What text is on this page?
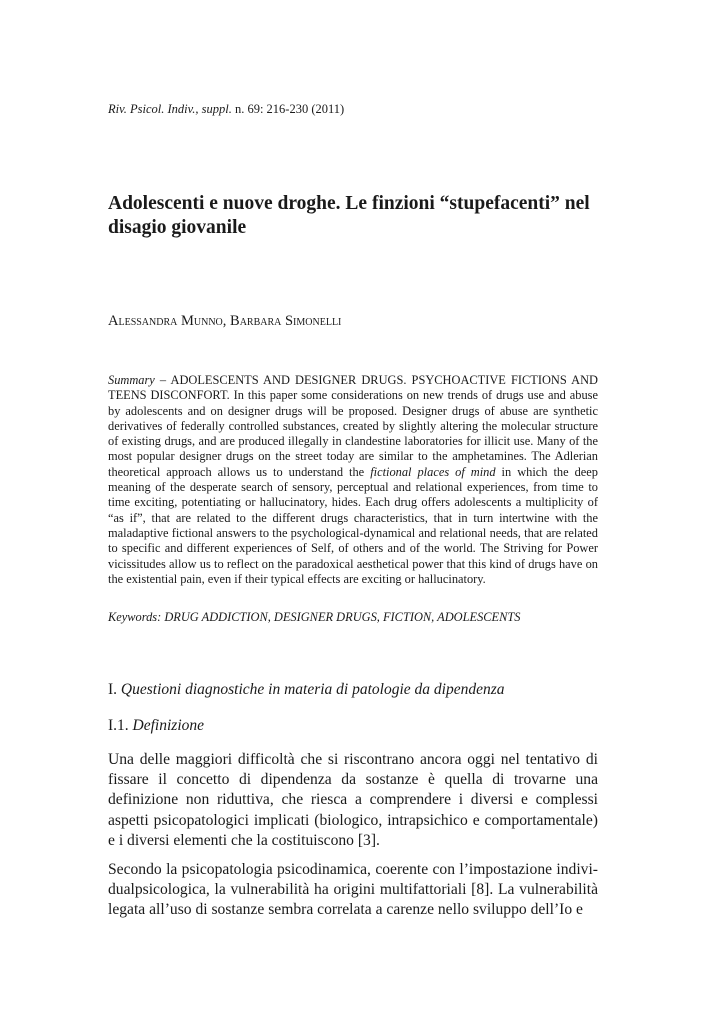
Riv. Psicol. Indiv., suppl. n. 69: 216-230 (2011)
Adolescenti e nuove droghe. Le finzioni “stupefacenti” nel disagio giovanile
Alessandra Munno, Barbara Simonelli

Summary – ADOLESCENTS AND DESIGNER DRUGS. PSYCHOACTIVE FICTIONS AND TEENS DISCONFORT. In this paper some considerations on new trends of drugs use and abuse by adolescents and on designer drugs will be proposed. Designer drugs of abuse are synthetic derivatives of federally controlled substances, created by slightly altering the molecular structure of existing drugs, and are produced illegally in clandestine laboratories for illicit use. Many of the most popular designer drugs on the street today are similar to the amphetamines. The Adlerian theoretical approach allows us to understand the fictional places of mind in which the deep meaning of the desperate search of sensory, perceptual and relational experiences, from time to time exciting, potentiating or hallucinatory, hides. Each drug offers adolescents a multiplicity of “as if”, that are related to the different drugs characteristics, that in turn intertwine with the maladaptive fictional answers to the psychological-dynamical and relational needs, that are related to specific and different experiences of Self, of others and of the world. The Striving for Power vicissitudes allow us to reflect on the paradoxical aesthetical power that this kind of drugs have on the existential pain, even if their typical effects are exciting or hallucinatory.

Keywords: DRUG ADDICTION, DESIGNER DRUGS, FICTION, ADOLESCENTS
I. Questioni diagnostiche in materia di patologie da dipendenza
I.1. Definizione

Una delle maggiori difficoltà che si riscontrano ancora oggi nel tentativo di fissare il concetto di dipendenza da sostanze è quella di trovarne una definizione non riduttiva, che riesca a comprendere i diversi e complessi aspetti psicopatologici implicati (biologico, intrapsichico e comportamentale) e i diversi elementi che la costituiscono [3].

Secondo la psicopatologia psicodinamica, coerente con l’impostazione individualpsicologica, la vulnerabilità ha origini multifattoriali [8]. La vulnerabilità legata all’uso di sostanze sembra correlata a carenze nello sviluppo dell’Io e
